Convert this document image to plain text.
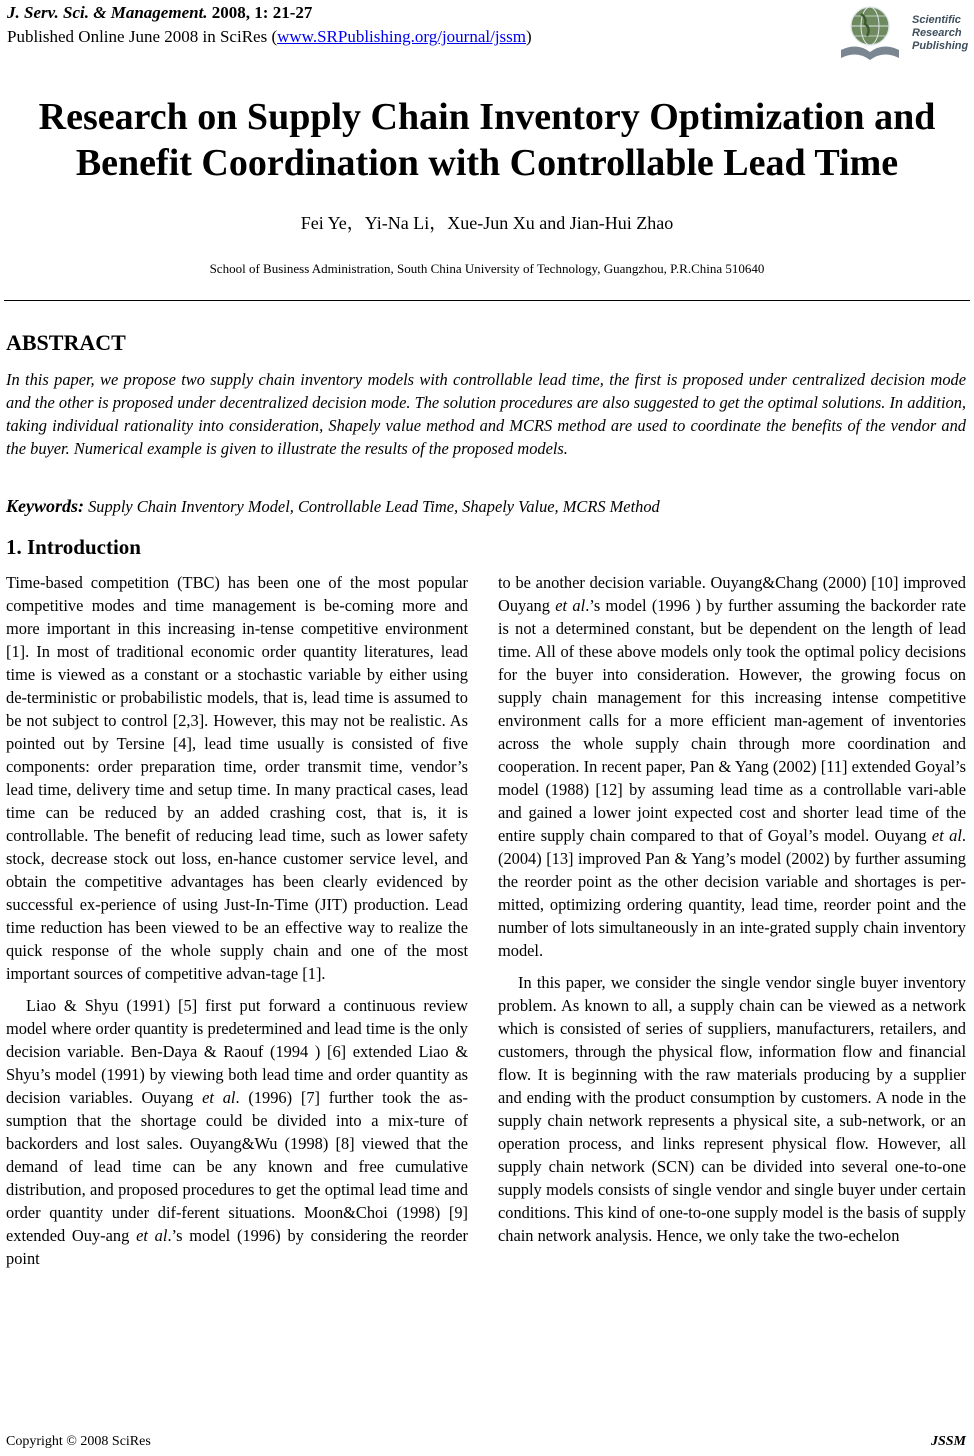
J. Serv. Sci. & Management. 2008, 1: 21-27
Published Online June 2008 in SciRes (www.SRPublishing.org/journal/jssm)
Scientific
Research
Publishing
Research on Supply Chain Inventory Optimization and
Benefit Coordination with Controllable Lead Time
Fei Ye，Yi-Na Li，Xue-Jun Xu and Jian-Hui Zhao
School of Business Administration, South China University of Technology, Guangzhou, P.R.China 510640
ABSTRACT
In this paper, we propose two supply chain inventory models with controllable lead time, the first is proposed under centralized decision mode and the other is proposed under decentralized decision mode. The solution procedures are also suggested to get the optimal solutions. In addition, taking individual rationality into consideration, Shapely value method and MCRS method are used to coordinate the benefits of the vendor and the buyer. Numerical example is given to illustrate the results of the proposed models.
Keywords: Supply Chain Inventory Model, Controllable Lead Time, Shapely Value, MCRS Method
1. Introduction

Time-based competition (TBC) has been one of the most popular competitive modes and time management is be-coming more and more important in this increasing in-tense competitive environment [1]. In most of traditional economic order quantity literatures, lead time is viewed as a constant or a stochastic variable by either using de-terministic or probabilistic models, that is, lead time is assumed to be not subject to control [2,3]. However, this may not be realistic. As pointed out by Tersine [4], lead time usually is consisted of five components: order preparation time, order transmit time, vendor’s lead time, delivery time and setup time. In many practical cases, lead time can be reduced by an added crashing cost, that is, it is controllable. The benefit of reducing lead time, such as lower safety stock, decrease stock out loss, en-hance customer service level, and obtain the competitive advantages has been clearly evidenced by successful ex-perience of using Just-In-Time (JIT) production. Lead time reduction has been viewed to be an effective way to realize the quick response of the whole supply chain and one of the most important sources of competitive advan-tage [1].

Liao & Shyu (1991) [5] first put forward a continuous review model where order quantity is predetermined and lead time is the only decision variable. Ben-Daya & Raouf (1994 ) [6] extended Liao & Shyu’s model (1991) by viewing both lead time and order quantity as decision variables. Ouyang et al. (1996) [7] further took the as-sumption that the shortage could be divided into a mix-ture of backorders and lost sales. Ouyang&Wu (1998) [8] viewed that the demand of lead time can be any known and free cumulative distribution, and proposed procedures to get the optimal lead time and order quantity under dif-ferent situations. Moon&Choi (1998) [9] extended Ouy-ang et al.’s model (1996) by considering the reorder point

to be another decision variable. Ouyang&Chang (2000) [10] improved Ouyang et al.’s model (1996 ) by further assuming the backorder rate is not a determined constant, but be dependent on the length of lead time. All of these above models only took the optimal policy decisions for the buyer into consideration. However, the growing focus on supply chain management for this increasing intense competitive environment calls for a more efficient man-agement of inventories across the whole supply chain through more coordination and cooperation. In recent paper, Pan & Yang (2002) [11] extended Goyal’s model (1988) [12] by assuming lead time as a controllable vari-able and gained a lower joint expected cost and shorter lead time of the entire supply chain compared to that of Goyal’s model. Ouyang et al. (2004) [13] improved Pan & Yang’s model (2002) by further assuming the reorder point as the other decision variable and shortages is per-mitted, optimizing ordering quantity, lead time, reorder point and the number of lots simultaneously in an inte-grated supply chain inventory model.

In this paper, we consider the single vendor single buyer inventory problem. As known to all, a supply chain can be viewed as a network which is consisted of series of suppliers, manufacturers, retailers, and customers, through the physical flow, information flow and financial flow. It is beginning with the raw materials producing by a supplier and ending with the product consumption by customers. A node in the supply chain network represents a physical site, a sub-network, or an operation process, and links represent physical flow. However, all supply chain network (SCN) can be divided into several one-to-one supply models consists of single vendor and single buyer under certain conditions. This kind of one-to-one supply model is the basis of supply chain network analysis. Hence, we only take the two-echelon

Copyright © 2008 SciRes	JSSM
